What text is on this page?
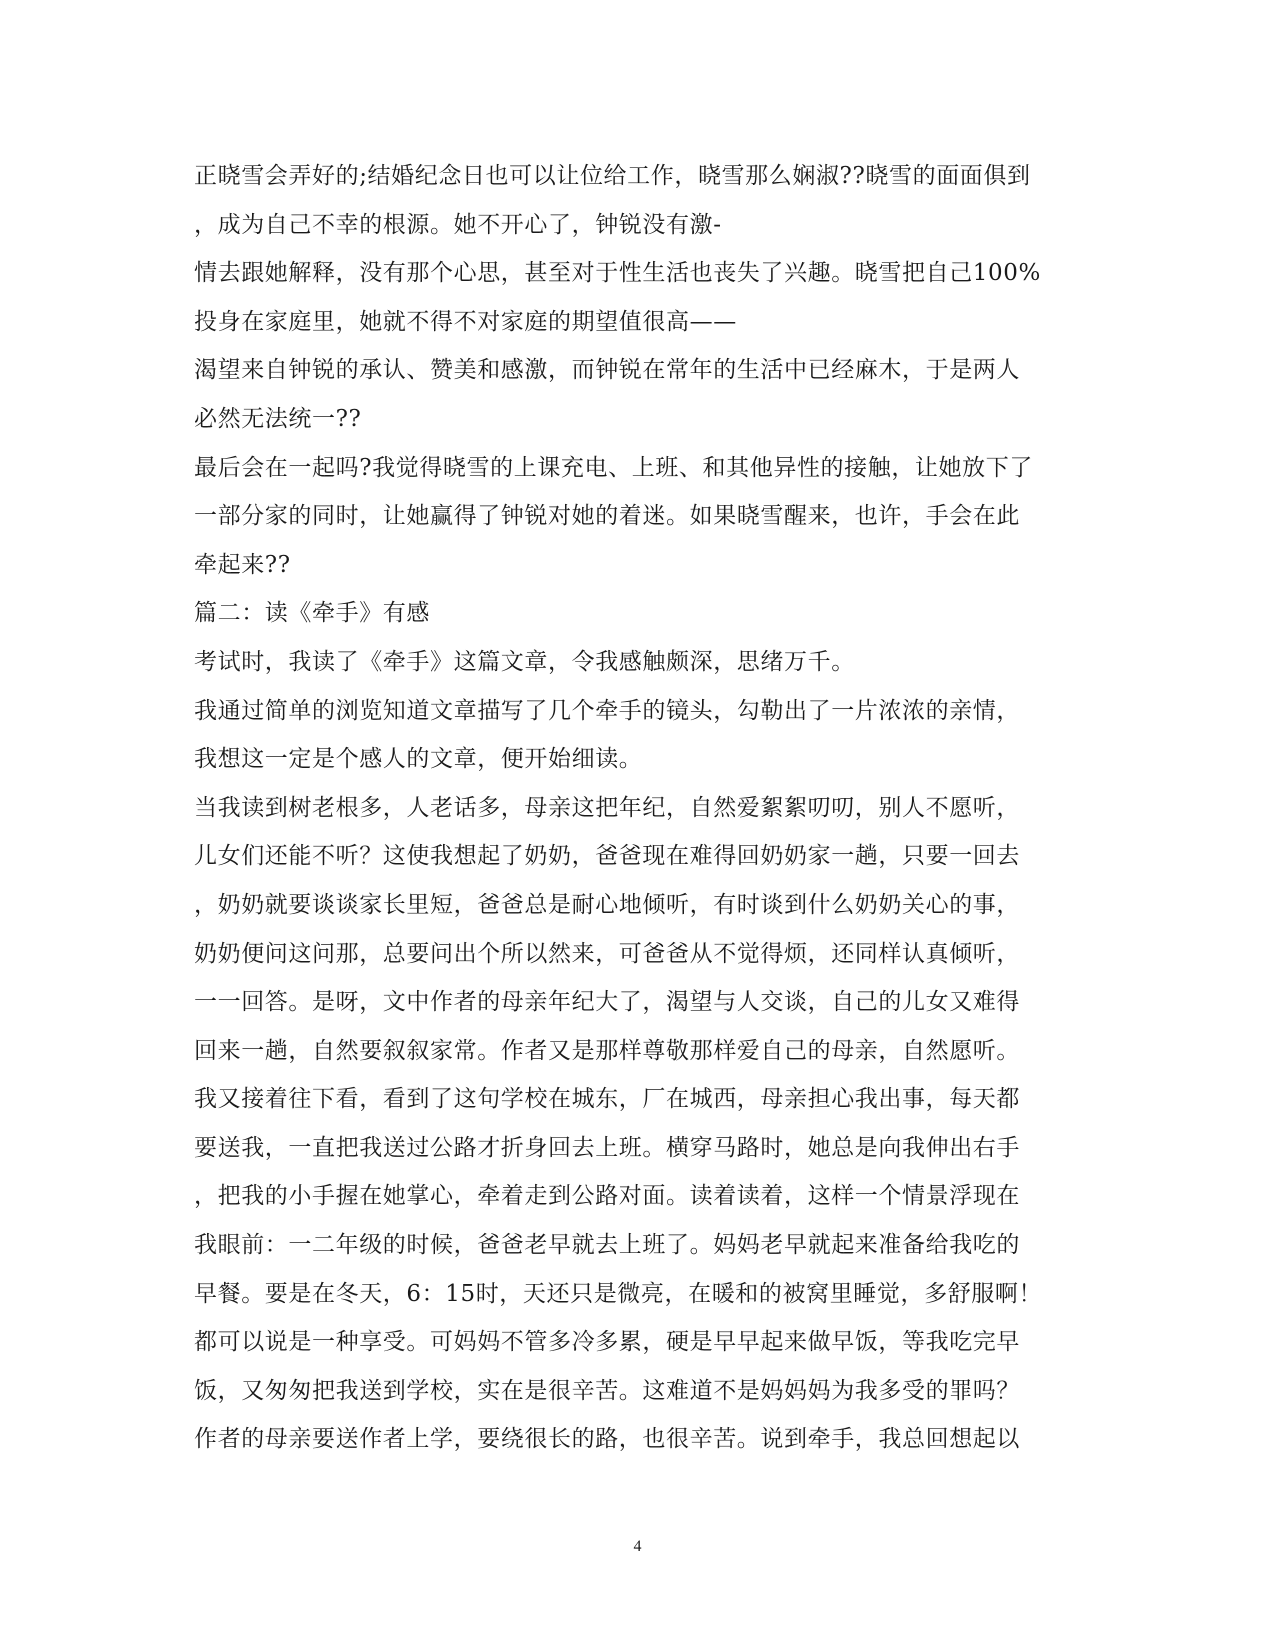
正晓雪会弄好的;结婚纪念日也可以让位给工作，晓雪那么娴淑??晓雪的面面俱到
，成为自己不幸的根源。她不开心了，钟锐没有激-
情去跟她解释，没有那个心思，甚至对于性生活也丧失了兴趣。晓雪把自己100%
投身在家庭里，她就不得不对家庭的期望值很高——
渴望来自钟锐的承认、赞美和感激，而钟锐在常年的生活中已经麻木，于是两人
必然无法统一??
最后会在一起吗?我觉得晓雪的上课充电、上班、和其他异性的接触，让她放下了
一部分家的同时，让她赢得了钟锐对她的着迷。如果晓雪醒来，也许，手会在此
牵起来??
篇二：读《牵手》有感
考试时，我读了《牵手》这篇文章，令我感触颇深，思绪万千。
我通过简单的浏览知道文章描写了几个牵手的镜头，勾勒出了一片浓浓的亲情，
我想这一定是个感人的文章，便开始细读。
当我读到树老根多，人老话多，母亲这把年纪，自然爱絮絮叨叨，别人不愿听，
儿女们还能不听？这使我想起了奶奶，爸爸现在难得回奶奶家一趟，只要一回去
，奶奶就要谈谈家长里短，爸爸总是耐心地倾听，有时谈到什么奶奶关心的事，
奶奶便问这问那，总要问出个所以然来，可爸爸从不觉得烦，还同样认真倾听，
一一回答。是呀，文中作者的母亲年纪大了，渴望与人交谈，自己的儿女又难得
回来一趟，自然要叙叙家常。作者又是那样尊敬那样爱自己的母亲，自然愿听。
我又接着往下看，看到了这句学校在城东，厂在城西，母亲担心我出事，每天都
要送我，一直把我送过公路才折身回去上班。横穿马路时，她总是向我伸出右手
，把我的小手握在她掌心，牵着走到公路对面。读着读着，这样一个情景浮现在
我眼前：一二年级的时候，爸爸老早就去上班了。妈妈老早就起来准备给我吃的
早餐。要是在冬天，6：15时，天还只是微亮，在暖和的被窝里睡觉，多舒服啊！
都可以说是一种享受。可妈妈不管多冷多累，硬是早早起来做早饭，等我吃完早
饭，又匆匆把我送到学校，实在是很辛苦。这难道不是妈妈妈为我多受的罪吗？
作者的母亲要送作者上学，要绕很长的路，也很辛苦。说到牵手，我总回想起以
4
